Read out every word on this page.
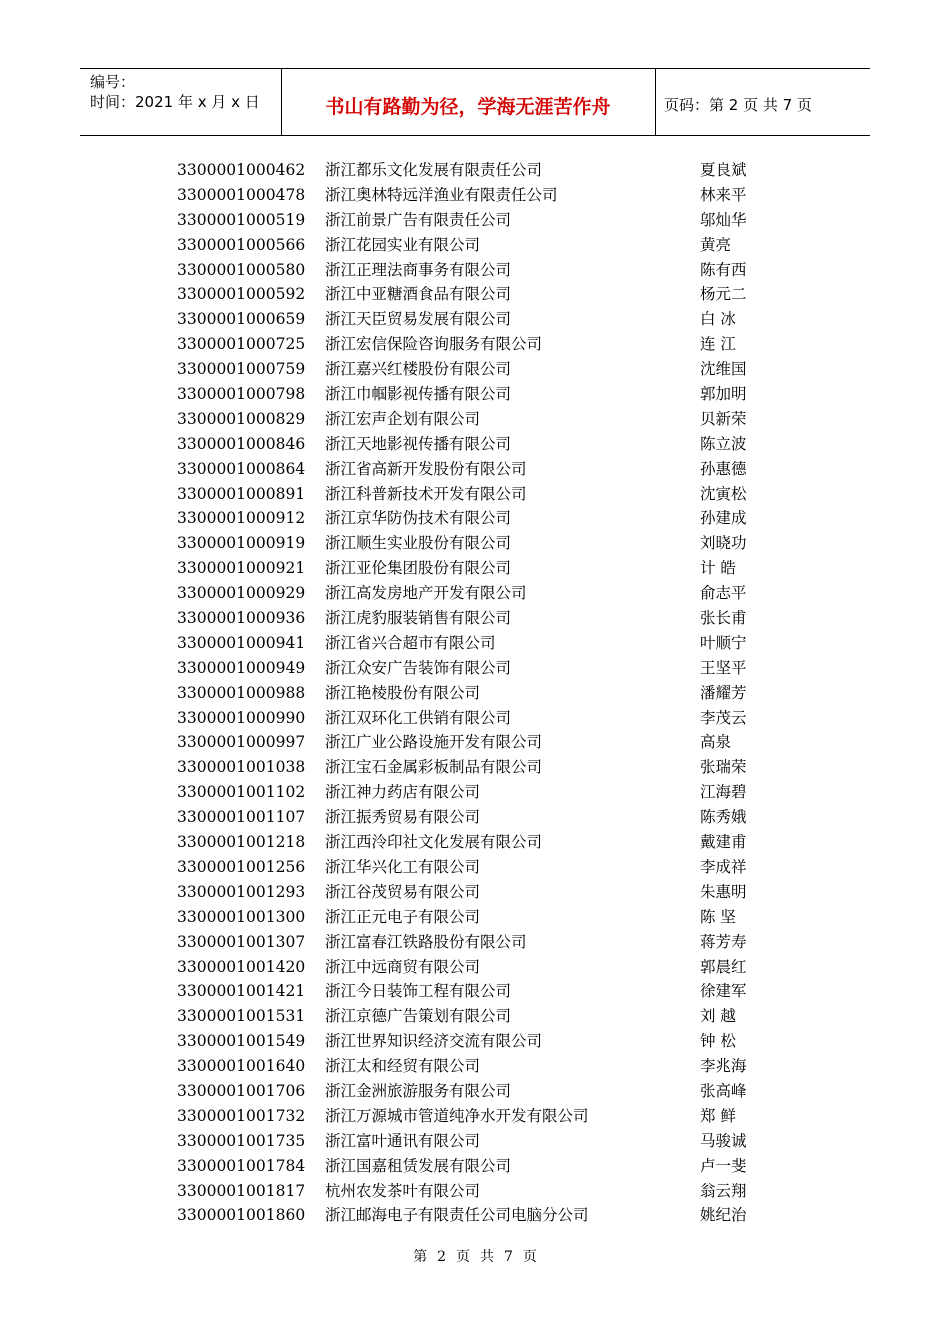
编号：
时间：2021 年 x 月 x 日	书山有路勤为径，学海无涯苦作舟	页码：第 2 页 共 7 页
3300001000462 浙江都乐文化发展有限责任公司	夏良斌
3300001000478 浙江奥林特远洋渔业有限责任公司	林来平
3300001000519 浙江前景广告有限责任公司	邬灿华
3300001000566 浙江花园实业有限公司	黄亮
3300001000580 浙江正理法商事务有限公司	陈有西
3300001000592 浙江中亚糖酒食品有限公司	杨元二
3300001000659 浙江天臣贸易发展有限公司	白 冰
3300001000725 浙江宏信保险咨询服务有限公司	连 江
3300001000759 浙江嘉兴红楼股份有限公司	沈维国
3300001000798 浙江巾帼影视传播有限公司	郭加明
3300001000829 浙江宏声企划有限公司	贝新荣
3300001000846 浙江天地影视传播有限公司	陈立波
3300001000864 浙江省高新开发股份有限公司	孙惠德
3300001000891 浙江科普新技术开发有限公司	沈寅松
3300001000912 浙江京华防伪技术有限公司	孙建成
3300001000919 浙江顺生实业股份有限公司	刘晓功
3300001000921 浙江亚伦集团股份有限公司	计 皓
3300001000929 浙江高发房地产开发有限公司	俞志平
3300001000936 浙江虎豹服装销售有限公司	张长甫
3300001000941 浙江省兴合超市有限公司	叶顺宁
3300001000949 浙江众安广告装饰有限公司	王坚平
3300001000988 浙江艳棱股份有限公司	潘耀芳
3300001000990 浙江双环化工供销有限公司	李茂云
3300001000997 浙江广业公路设施开发有限公司	高泉
3300001001038 浙江宝石金属彩板制品有限公司	张瑞荣
3300001001102 浙江神力药店有限公司	江海碧
3300001001107 浙江振秀贸易有限公司	陈秀娥
3300001001218 浙江西泠印社文化发展有限公司	戴建甫
3300001001256 浙江华兴化工有限公司	李成祥
3300001001293 浙江谷茂贸易有限公司	朱惠明
3300001001300 浙江正元电子有限公司	陈 坚
3300001001307 浙江富春江铁路股份有限公司	蒋芳寿
3300001001420 浙江中远商贸有限公司	郭晨红
3300001001421 浙江今日装饰工程有限公司	徐建军
3300001001531 浙江京德广告策划有限公司	刘 越
3300001001549 浙江世界知识经济交流有限公司	钟 松
3300001001640 浙江太和经贸有限公司	李兆海
3300001001706 浙江金洲旅游服务有限公司	张高峰
3300001001732 浙江万源城市管道纯净水开发有限公司	郑 鲜
3300001001735 浙江富叶通讯有限公司	马骏诚
3300001001784 浙江国嘉租赁发展有限公司	卢一斐
3300001001817 杭州农发茶叶有限公司	翁云翔
3300001001860 浙江邮海电子有限责任公司电脑分公司	姚纪治
第 2 页 共 7 页
